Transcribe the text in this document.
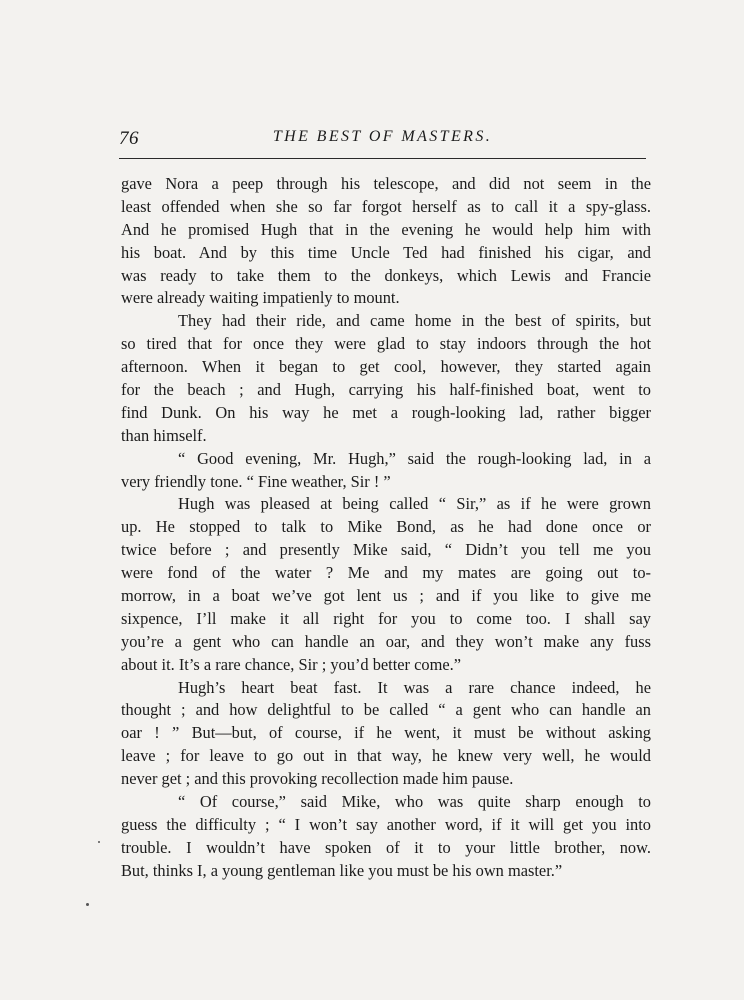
76	THE BEST OF MASTERS.
gave Nora a peep through his telescope, and did not seem in the
least offended when she so far forgot herself as to call it a spy-glass.
And he promised Hugh that in the evening he would help him with
his boat. And by this time Uncle Ted had finished his cigar, and
was ready to take them to the donkeys, which Lewis and Francie
were already waiting impatienly to mount.
They had their ride, and came home in the best of spirits, but
so tired that for once they were glad to stay indoors through the hot
afternoon. When it began to get cool, however, they started again
for the beach ; and Hugh, carrying his half-finished boat, went to
find Dunk. On his way he met a rough-looking lad, rather bigger
than himself.
“ Good evening, Mr. Hugh,” said the rough-looking lad, in a
very friendly tone. “ Fine weather, Sir ! ”
Hugh was pleased at being called “ Sir,” as if he were grown
up. He stopped to talk to Mike Bond, as he had done once or
twice before ; and presently Mike said, “ Didn’t you tell me you
were fond of the water ? Me and my mates are going out to-
morrow, in a boat we’ve got lent us ; and if you like to give me
sixpence, I’ll make it all right for you to come too. I shall say
you’re a gent who can handle an oar, and they won’t make any fuss
about it. It’s a rare chance, Sir ; you’d better come.”
Hugh’s heart beat fast. It was a rare chance indeed, he
thought ; and how delightful to be called “ a gent who can handle an
oar ! ” But—but, of course, if he went, it must be without asking
leave ; for leave to go out in that way, he knew very well, he would
never get ; and this provoking recollection made him pause.
“ Of course,” said Mike, who was quite sharp enough to
guess the difficulty ; “ I won’t say another word, if it will get you into
trouble. I wouldn’t have spoken of it to your little brother, now.
But, thinks I, a young gentleman like you must be his own master.”
